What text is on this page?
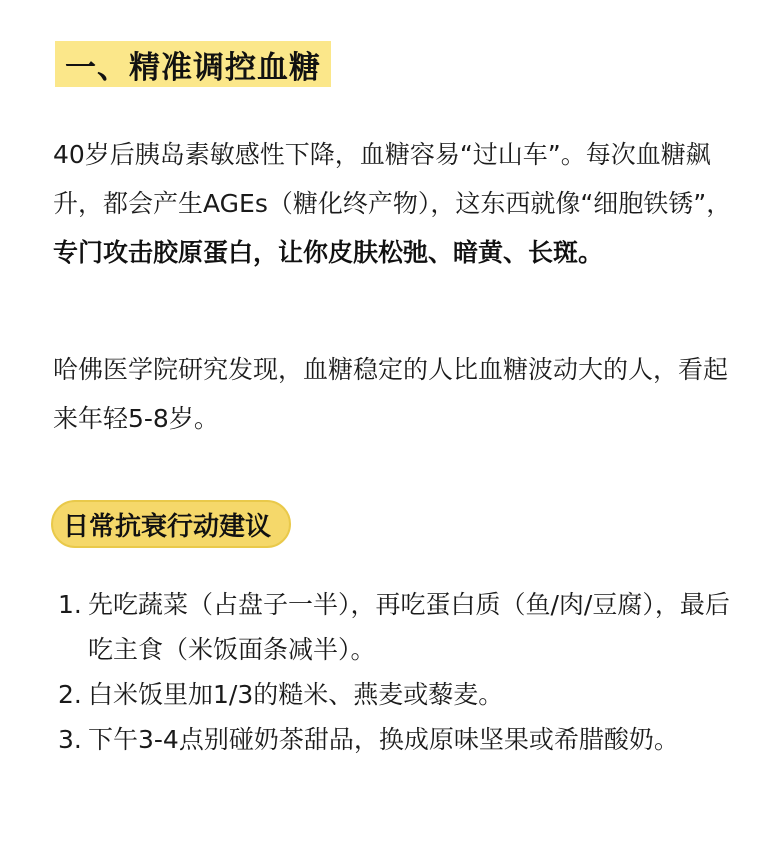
一、精准调控血糖

40岁后胰岛素敏感性下降，血糖容易“过山车”。每次血糖飙升，都会产生AGEs（糖化终产物），这东西就像“细胞铁锈”，专门攻击胶原蛋白，让你皮肤松弛、暗黄、长斑。

哈佛医学院研究发现，血糖稳定的人比血糖波动大的人，看起来年轻5-8岁。

日常抗衰行动建议
1. 先吃蔬菜（占盘子一半），再吃蛋白质（鱼/肉/豆腐），最后吃主食（米饭面条减半）。
2. 白米饭里加1/3的糙米、燕麦或藜麦。
3. 下午3-4点别碰奶茶甜品，换成原味坚果或希腊酸奶。
